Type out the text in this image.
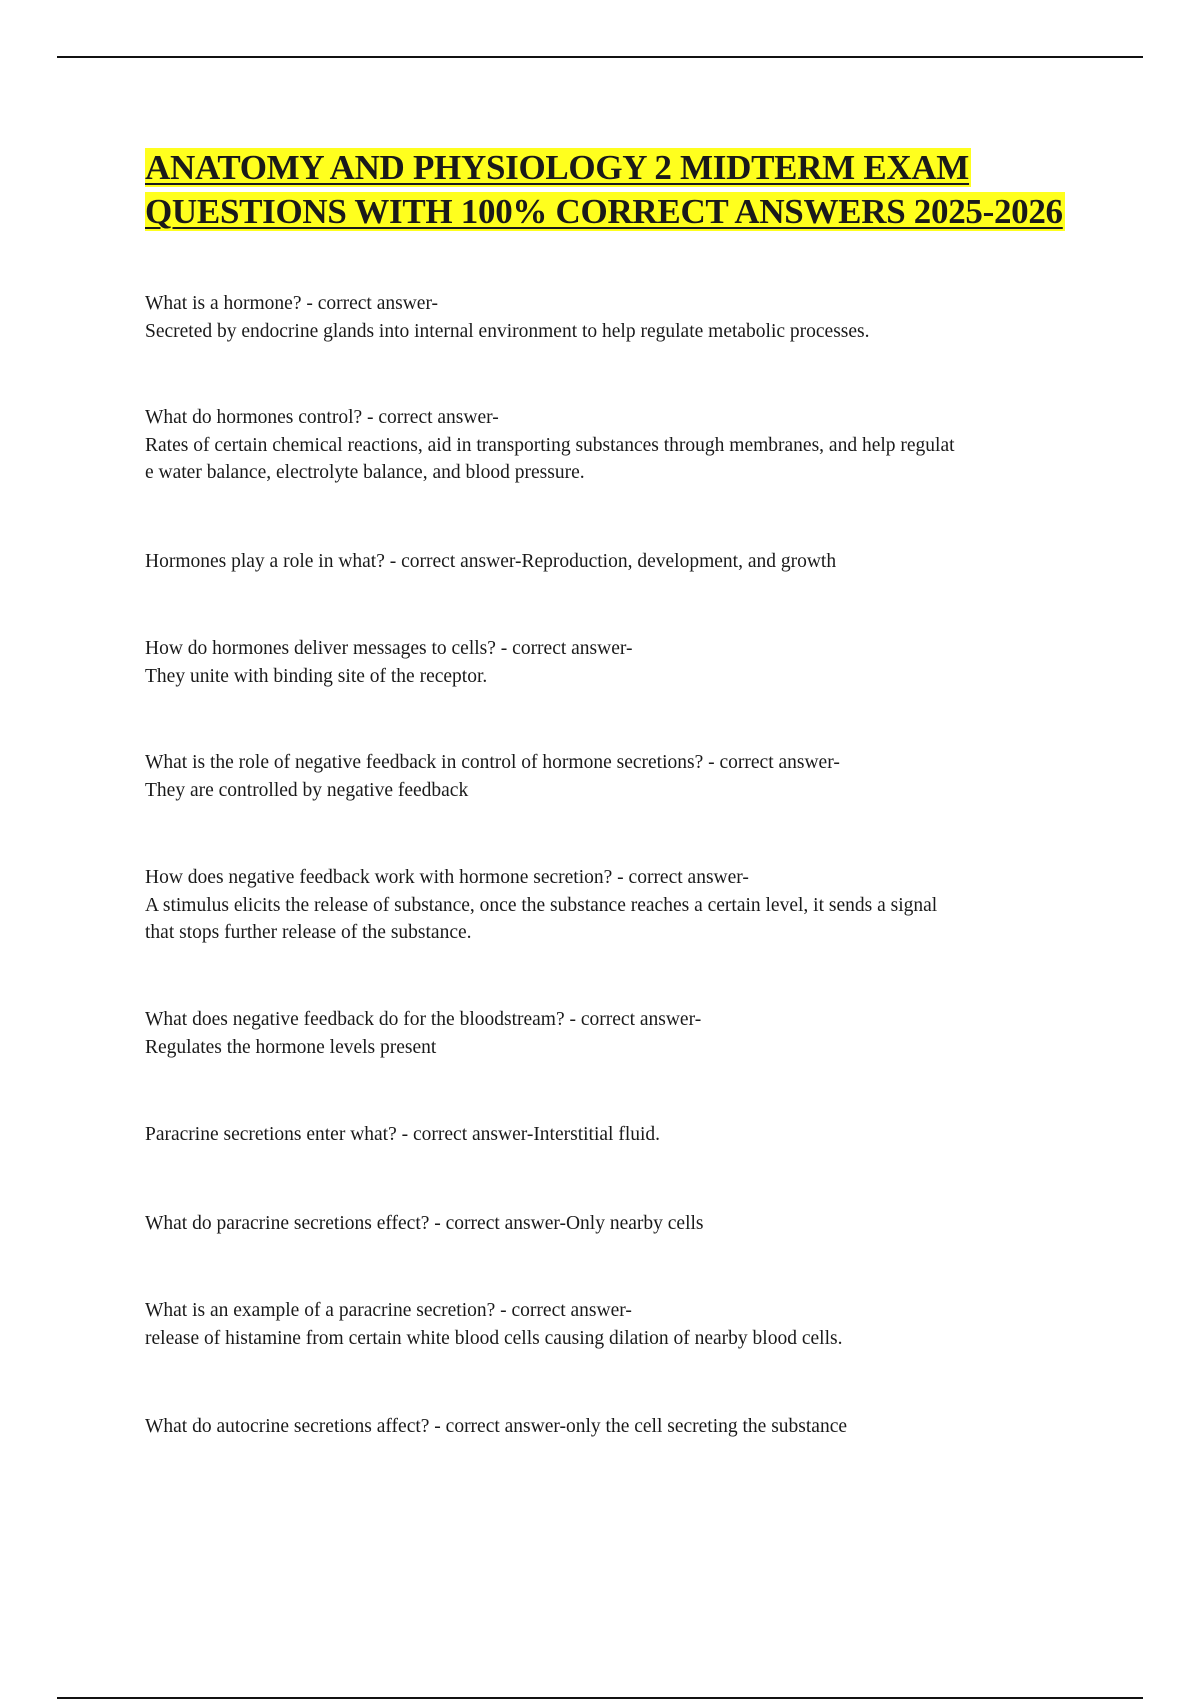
ANATOMY AND PHYSIOLOGY 2 MIDTERM EXAM
QUESTIONS WITH 100% CORRECT ANSWERS 2025-2026

What is a hormone? - correct answer-

Secreted by endocrine glands into internal environment to help regulate metabolic processes.

What do hormones control? - correct answer-

Rates of certain chemical reactions, aid in transporting substances through membranes, and help regulat

e water balance, electrolyte balance, and blood pressure.

Hormones play a role in what? - correct answer-Reproduction, development, and growth

How do hormones deliver messages to cells? - correct answer-

They unite with binding site of the receptor.

What is the role of negative feedback in control of hormone secretions? - correct answer-

They are controlled by negative feedback

How does negative feedback work with hormone secretion? - correct answer-

A stimulus elicits the release of substance, once the substance reaches a certain level, it sends a signal

that stops further release of the substance.

What does negative feedback do for the bloodstream? - correct answer-

Regulates the hormone levels present

Paracrine secretions enter what? - correct answer-Interstitial fluid.

What do paracrine secretions effect? - correct answer-Only nearby cells

What is an example of a paracrine secretion? - correct answer-

release of histamine from certain white blood cells causing dilation of nearby blood cells.

What do autocrine secretions affect? - correct answer-only the cell secreting the substance
